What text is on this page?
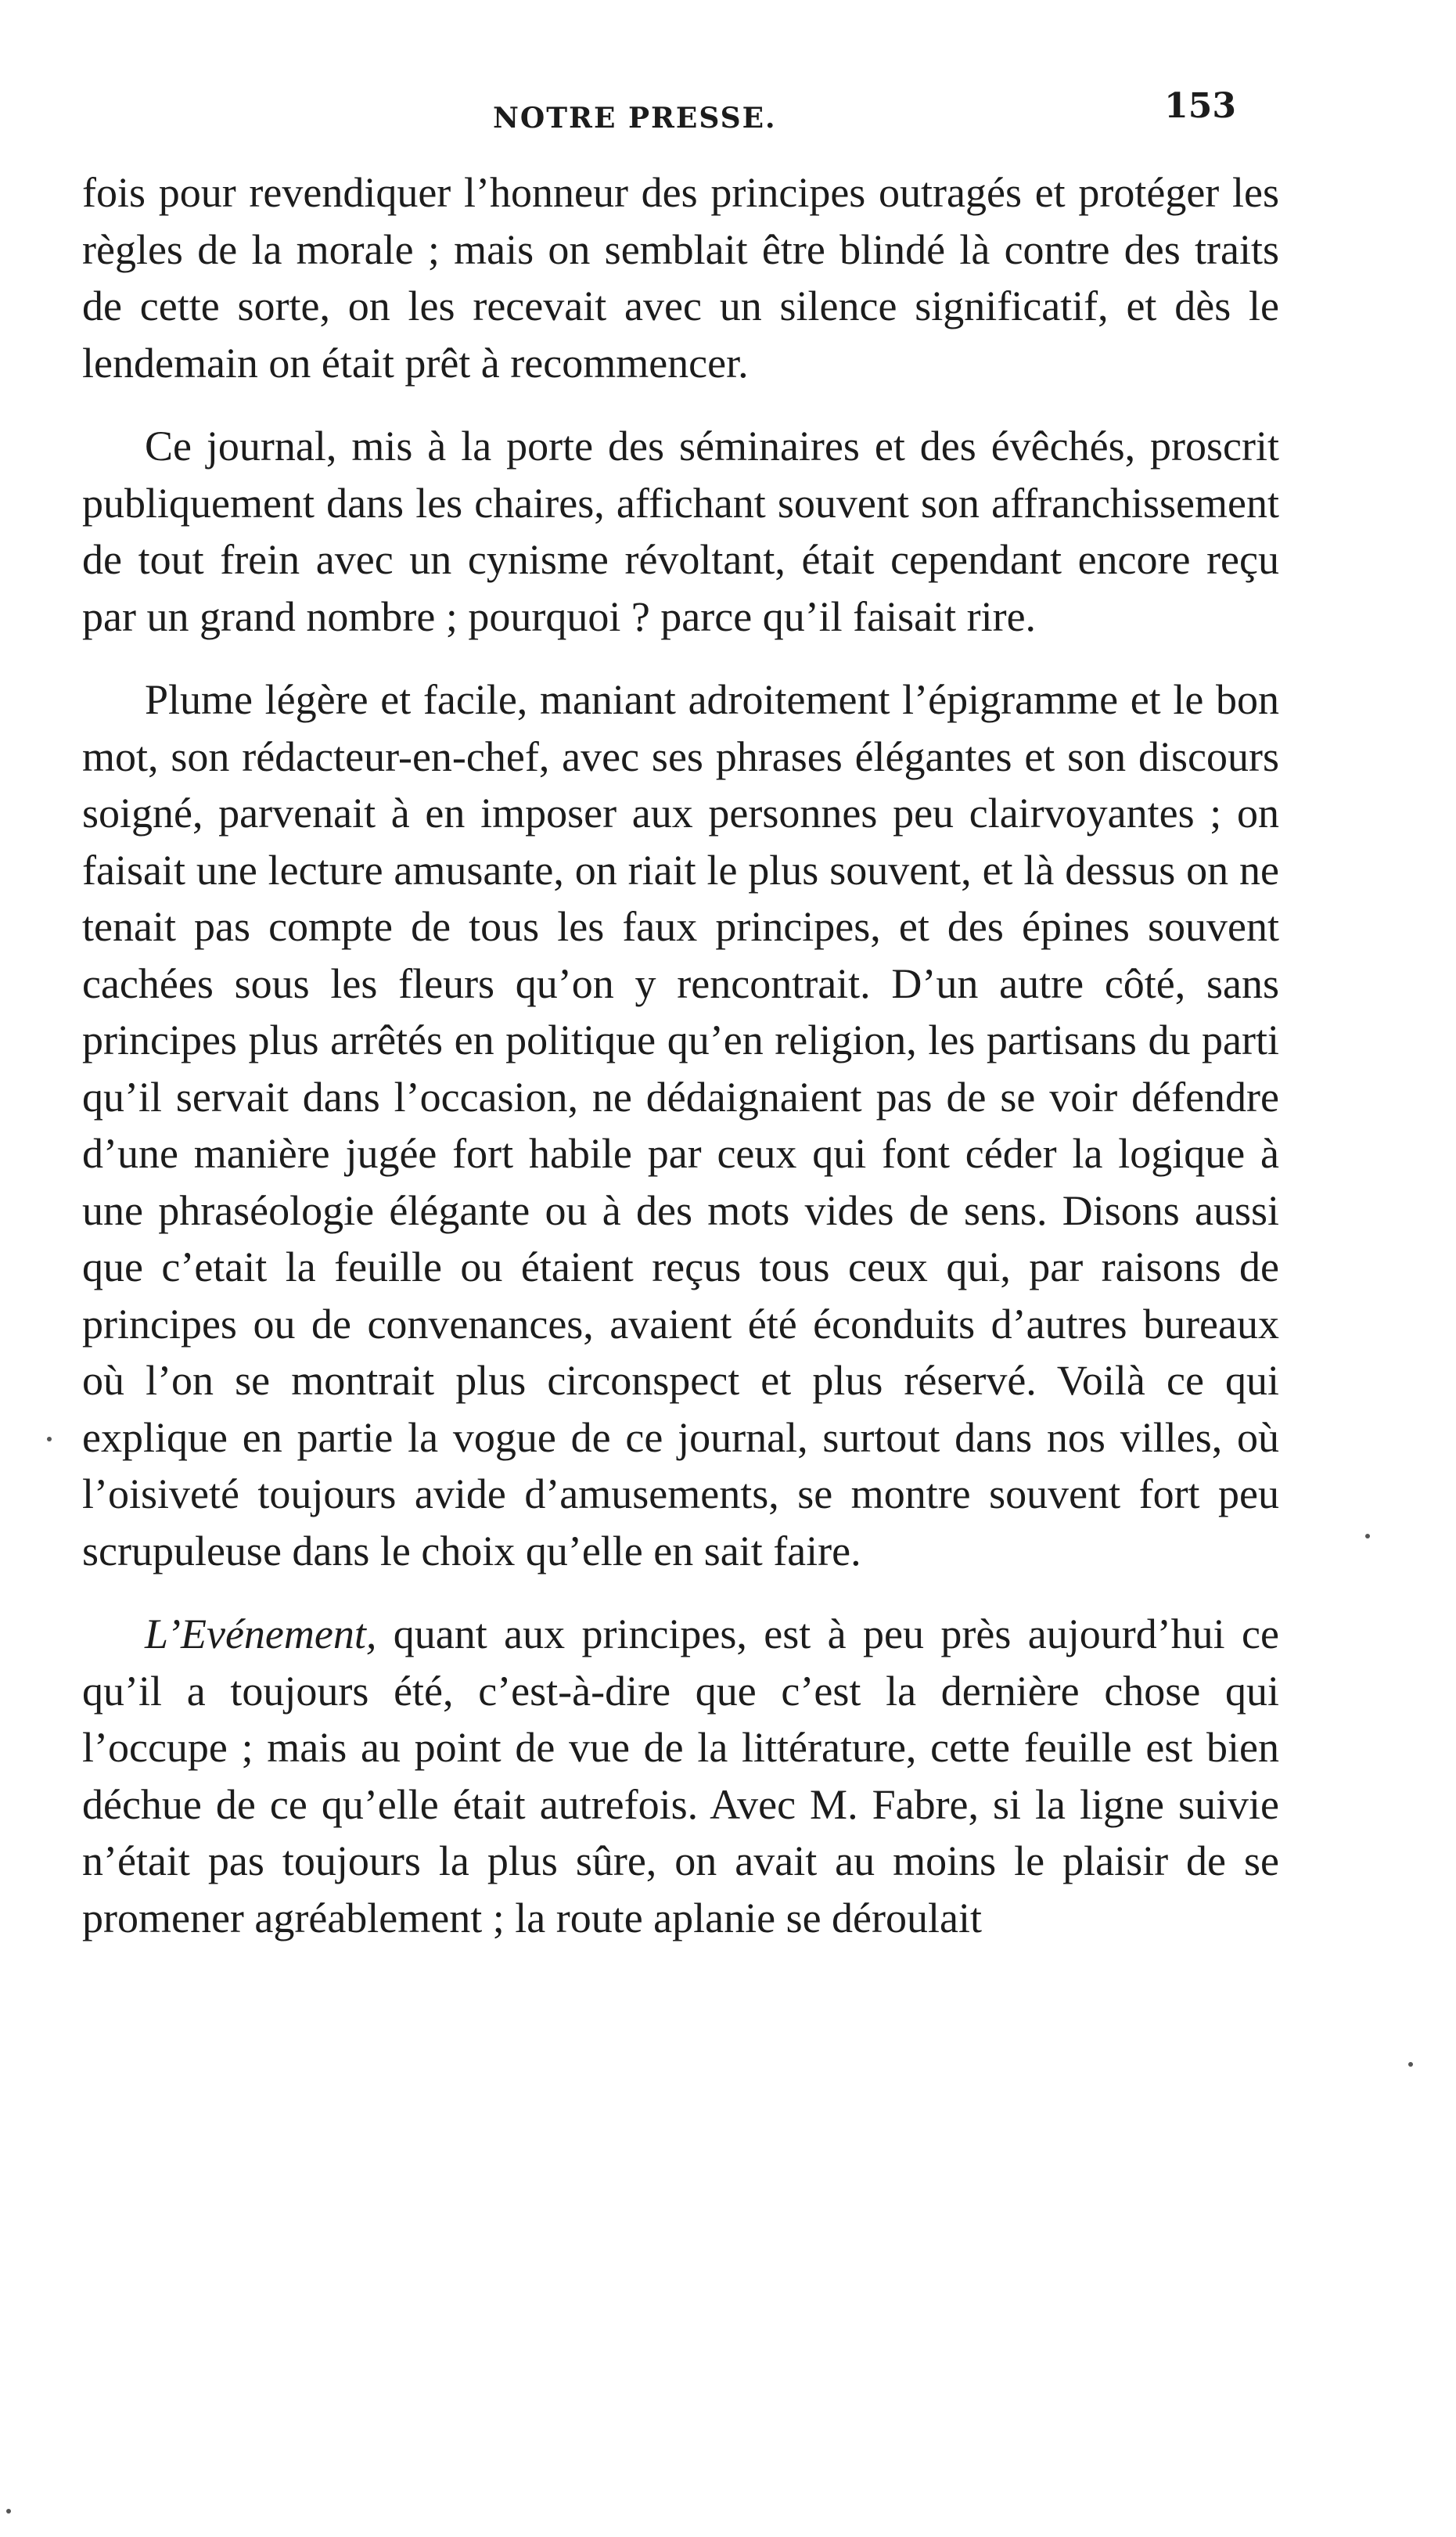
NOTRE PRESSE.	153

fois pour revendiquer l’honneur des principes outragés et protéger les règles de la morale ; mais on semblait être blindé là contre des traits de cette sorte, on les recevait avec un silence significatif, et dès le lendemain on était prêt à recommencer.

Ce journal, mis à la porte des séminaires et des évêchés, proscrit publiquement dans les chaires, affichant souvent son affranchissement de tout frein avec un cynisme révoltant, était cependant encore reçu par un grand nombre ; pourquoi ? parce qu’il faisait rire.

Plume légère et facile, maniant adroitement l’épigramme et le bon mot, son rédacteur-en-chef, avec ses phrases élégantes et son discours soigné, parvenait à en imposer aux personnes peu clairvoyantes ; on faisait une lecture amusante, on riait le plus souvent, et là dessus on ne tenait pas compte de tous les faux principes, et des épines souvent cachées sous les fleurs qu’on y rencontrait. D’un autre côté, sans principes plus arrêtés en politique qu’en religion, les partisans du parti qu’il servait dans l’occasion, ne dédaignaient pas de se voir défendre d’une manière jugée fort habile par ceux qui font céder la logique à une phraséologie élégante ou à des mots vides de sens. Disons aussi que c’etait la feuille ou étaient reçus tous ceux qui, par raisons de principes ou de convenances, avaient été éconduits d’autres bureaux où l’on se montrait plus circonspect et plus réservé. Voilà ce qui explique en partie la vogue de ce journal, surtout dans nos villes, où l’oisiveté toujours avide d’amusements, se montre souvent fort peu scrupuleuse dans le choix qu’elle en sait faire.

L’Evénement, quant aux principes, est à peu près aujourd’hui ce qu’il a toujours été, c’est-à-dire que c’est la dernière chose qui l’occupe ; mais au point de vue de la littérature, cette feuille est bien déchue de ce qu’elle était autrefois. Avec M. Fabre, si la ligne suivie n’était pas toujours la plus sûre, on avait au moins le plaisir de se promener agréablement ; la route aplanie se déroulait
